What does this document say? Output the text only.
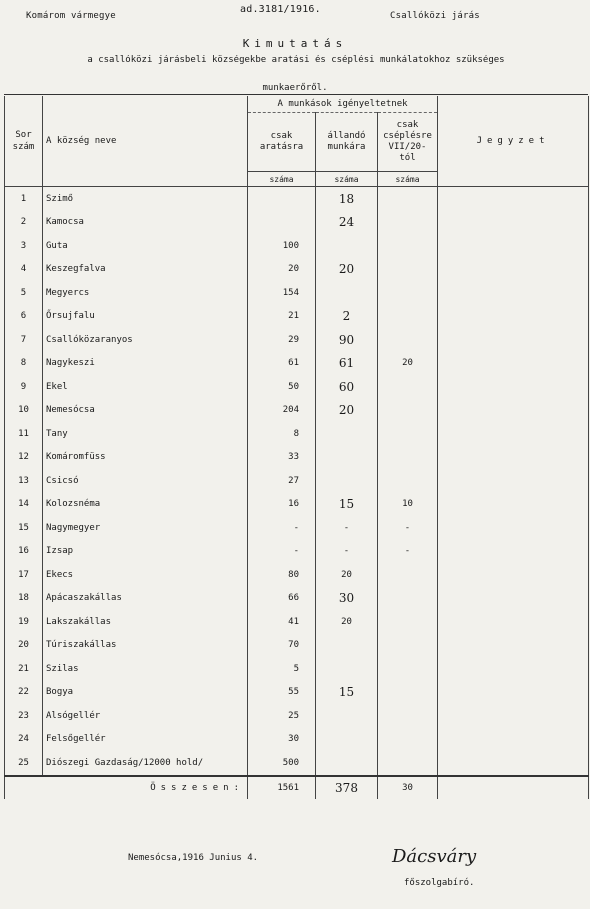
Komárom vármegye
ad.3181/1916.
Csallóközi járás
Kimutatás
a csallóközi járásbeli községekbe aratási és cséplési munkálatokhoz szükséges
munkaerőről.
Sor szám	A község neve	A munkások igényeltetnek			Jegyzet
		csak aratásra	állandó munkára	csak cséplésre VII/20-tól	
		száma	száma	száma	
1	Szimő		18		
2	Kamocsa		24		
3	Guta	100			
4	Keszegfalva	20	20		
5	Megyercs	154			
6	Őrsujfalu	21	2		
7	Csallóközaranyos	29	90		
8	Nagykeszi	61	61	20	
9	Ekel	50	60		
10	Nemesócsa	204	20		
11	Tany	8			
12	Komáromfüss	33			
13	Csicsó	27			
14	Kolozsnéma	16	15	10	
15	Nagymegyer	-	-	-	
16	Izsap	-	-	-	
17	Ekecs	80	20		
18	Apácaszakállas	66	30		
19	Lakszakállas	41	20		
20	Túriszakállas	70			
21	Szilas	5			
22	Bogya	55	15		
23	Alsógellér	25			
24	Felsőgellér	30			
25	Diószegi Gazdaság/12000 hold/	500			
Összesen:		1561	378	30	
Nemesócsa,1916 Junius 4.	Dácsváry
főszolgabíró.
